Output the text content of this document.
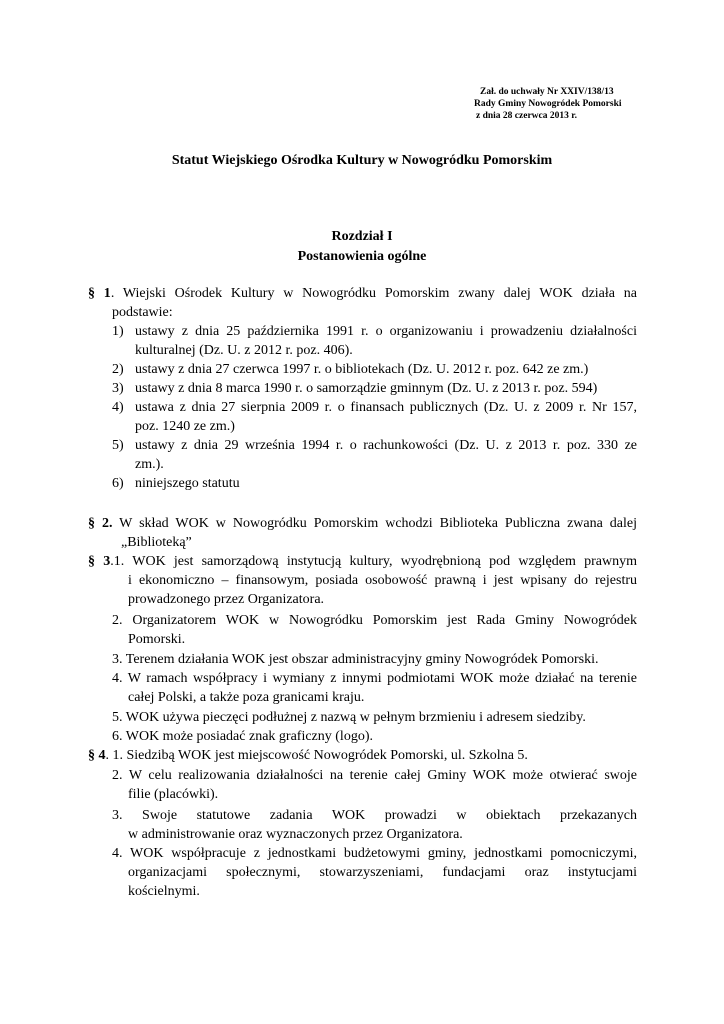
Zał. do uchwały Nr XXIV/138/13
Rady Gminy Nowogródek Pomorski
z dnia 28 czerwca 2013 r.
Statut Wiejskiego Ośrodka Kultury w Nowogródku Pomorskim
Rozdział I
Postanowienia ogólne
§ 1. Wiejski Ośrodek Kultury w Nowogródku Pomorskim zwany dalej WOK działa na
podstawie:
1) ustawy z dnia 25 października 1991 r. o organizowaniu i prowadzeniu działalności
kulturalnej (Dz. U. z 2012 r. poz. 406).
2) ustawy z dnia 27 czerwca 1997 r. o bibliotekach (Dz. U. 2012 r. poz. 642 ze zm.)
3) ustawy z dnia 8 marca 1990 r. o samorządzie gminnym (Dz. U. z 2013 r. poz. 594)
4) ustawa z dnia 27 sierpnia 2009 r. o finansach publicznych (Dz. U. z 2009 r. Nr 157,
poz. 1240 ze zm.)
5) ustawy z dnia 29 września 1994 r. o rachunkowości (Dz. U. z 2013 r. poz. 330 ze
zm.).
6) niniejszego statutu
§ 2. W skład WOK w Nowogródku Pomorskim wchodzi Biblioteka Publiczna zwana dalej
„Biblioteką”
§ 3.1. WOK jest samorządową instytucją kultury, wyodrębnioną pod względem prawnym
i ekonomiczno – finansowym, posiada osobowość prawną i jest wpisany do rejestru
prowadzonego przez Organizatora.
2. Organizatorem WOK w Nowogródku Pomorskim jest Rada Gminy Nowogródek
Pomorski.
3. Terenem działania WOK jest obszar administracyjny gminy Nowogródek Pomorski.
4. W ramach współpracy i wymiany z innymi podmiotami WOK może działać na terenie
całej Polski, a także poza granicami kraju.
5. WOK używa pieczęci podłużnej z nazwą w pełnym brzmieniu i adresem siedziby.
6. WOK może posiadać znak graficzny (logo).
§ 4. 1. Siedzibą WOK jest miejscowość Nowogródek Pomorski, ul. Szkolna 5.
2. W celu realizowania działalności na terenie całej Gminy WOK może otwierać swoje
filie (placówki).
3. Swoje statutowe zadania WOK prowadzi w obiektach przekazanych
w administrowanie oraz wyznaczonych przez Organizatora.
4. WOK współpracuje z jednostkami budżetowymi gminy, jednostkami pomocniczymi,
organizacjami społecznymi, stowarzyszeniami, fundacjami oraz instytucjami
kościelnymi.
